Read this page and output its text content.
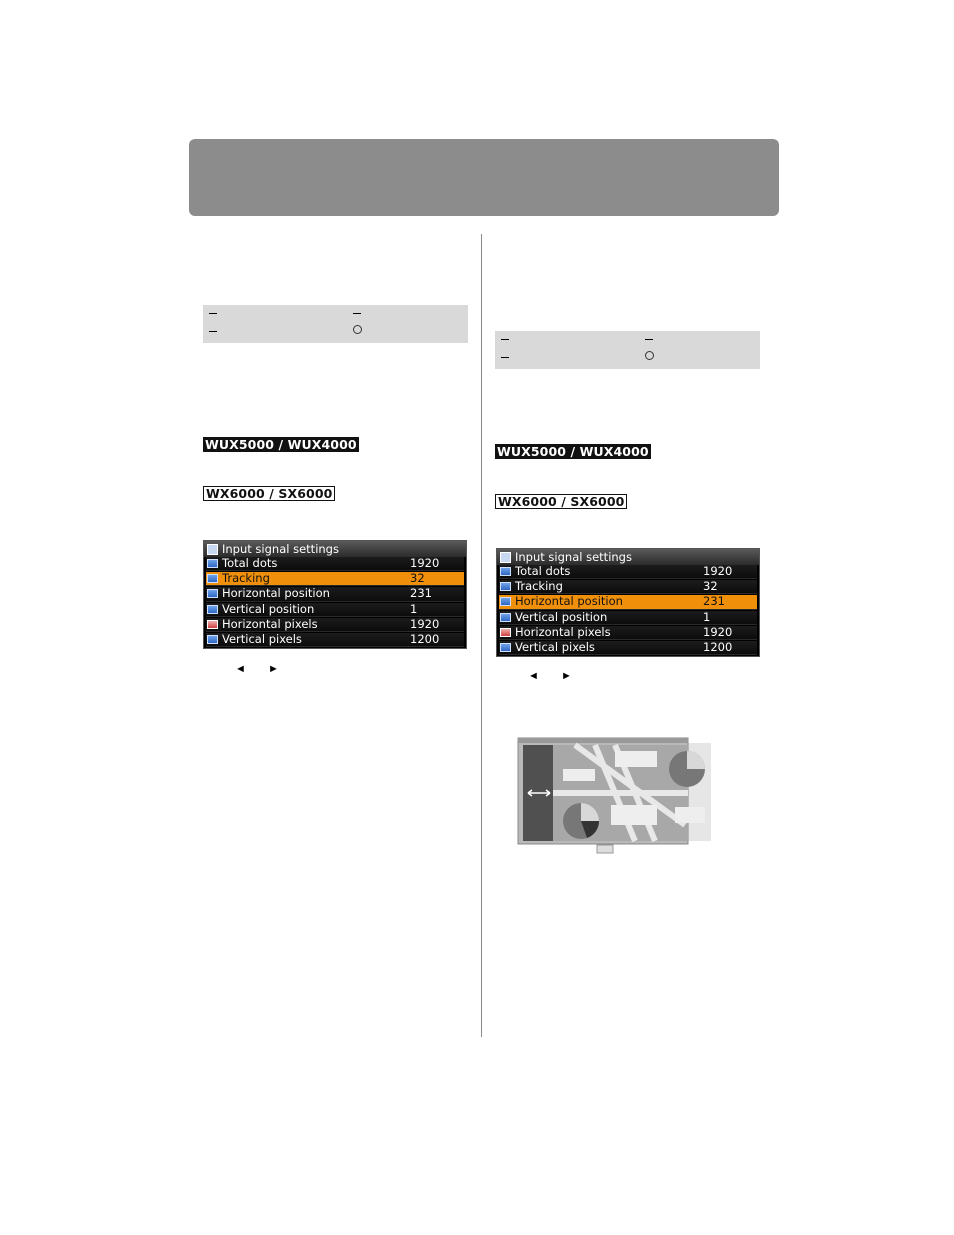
WUX5000 / WUX4000
WX6000 / SX6000
Input signal settings
Total dots	1920
Tracking	32
Horizontal position	231
Vertical position	1
Horizontal pixels	1920
Vertical pixels	1200
◄ ►
WUX5000 / WUX4000
WX6000 / SX6000
Input signal settings
Total dots	1920
Tracking	32
Horizontal position	231
Vertical position	1
Horizontal pixels	1920
Vertical pixels	1200
◄ ►
